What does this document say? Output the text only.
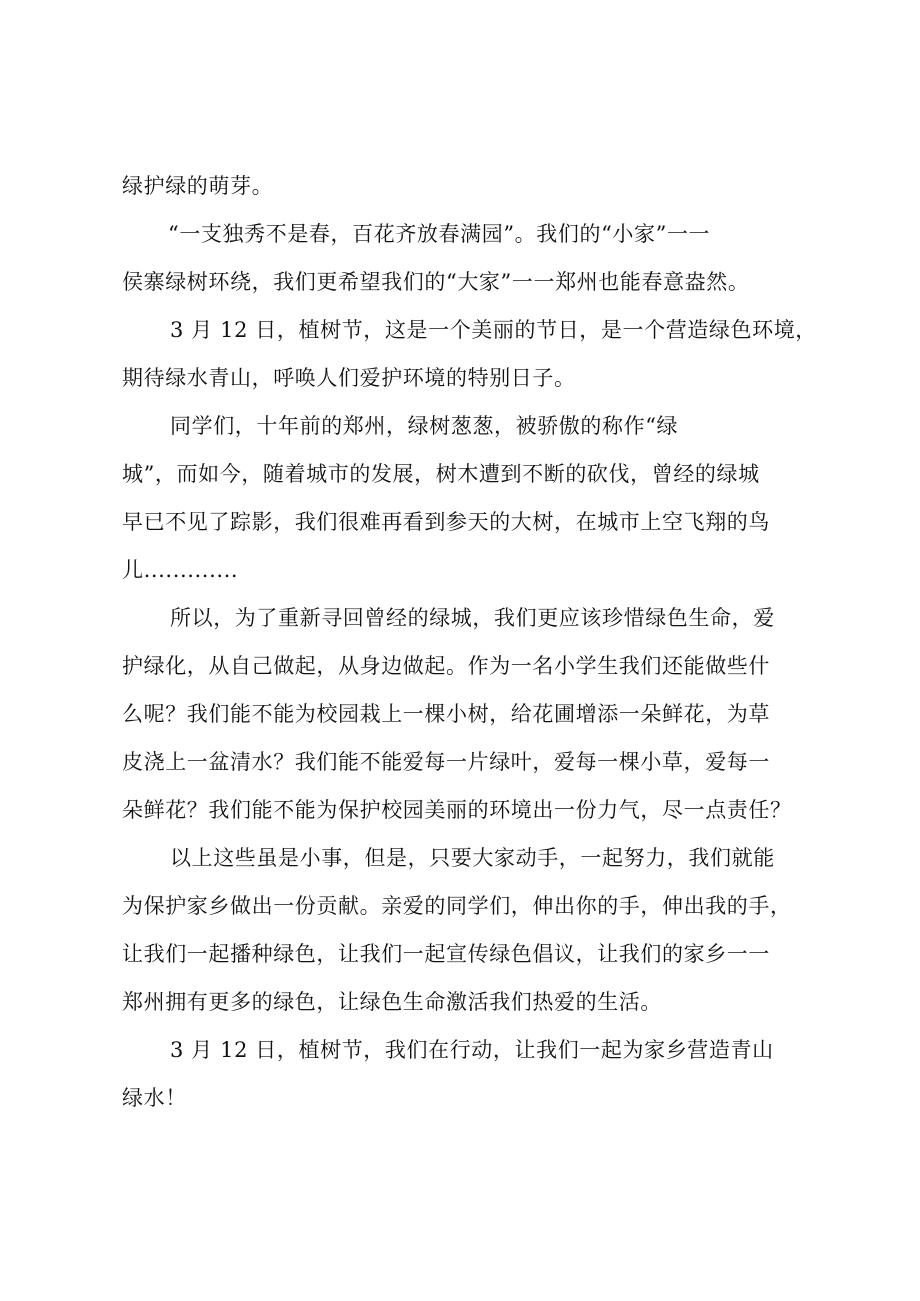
绿护绿的萌芽。
“一支独秀不是春，百花齐放春满园”。我们的“小家”一一
侯寨绿树环绕，我们更希望我们的“大家”一一郑州也能春意盎然。
3 月 12 日，植树节，这是一个美丽的节日，是一个营造绿色环境，
期待绿水青山，呼唤人们爱护环境的特别日子。
同学们，十年前的郑州，绿树葱葱，被骄傲的称作“绿
城”，而如今，随着城市的发展，树木遭到不断的砍伐，曾经的绿城
早已不见了踪影，我们很难再看到参天的大树，在城市上空飞翔的鸟
儿.............
所以，为了重新寻回曾经的绿城，我们更应该珍惜绿色生命，爱
护绿化，从自己做起，从身边做起。作为一名小学生我们还能做些什
么呢？我们能不能为校园栽上一棵小树，给花圃增添一朵鲜花，为草
皮浇上一盆清水？我们能不能爱每一片绿叶，爱每一棵小草，爱每一
朵鲜花？我们能不能为保护校园美丽的环境出一份力气，尽一点责任？
以上这些虽是小事，但是，只要大家动手，一起努力，我们就能
为保护家乡做出一份贡献。亲爱的同学们，伸出你的手，伸出我的手，
让我们一起播种绿色，让我们一起宣传绿色倡议，让我们的家乡一一
郑州拥有更多的绿色，让绿色生命激活我们热爱的生活。
3 月 12 日，植树节，我们在行动，让我们一起为家乡营造青山
绿水！
